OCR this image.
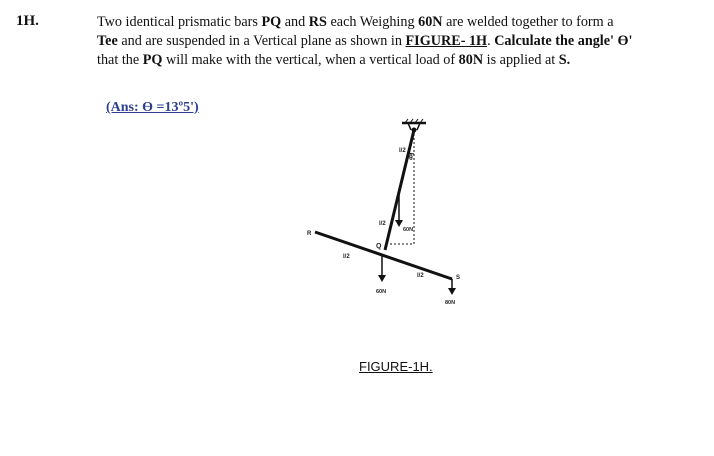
1H.	Two identical prismatic bars PQ and RS each Weighing 60N are welded together to form a

Tee and are suspended in a Vertical plane as shown in FIGURE- 1H. Calculate the angle' ϴ'

that the PQ will make with the vertical, when a vertical load of 80N is applied at S.

(Ans: ϴ =13º5')
l/2
θ
l/2
60N
Q
R
l/2
l/2
60N
S
80N
FIGURE-1H.
